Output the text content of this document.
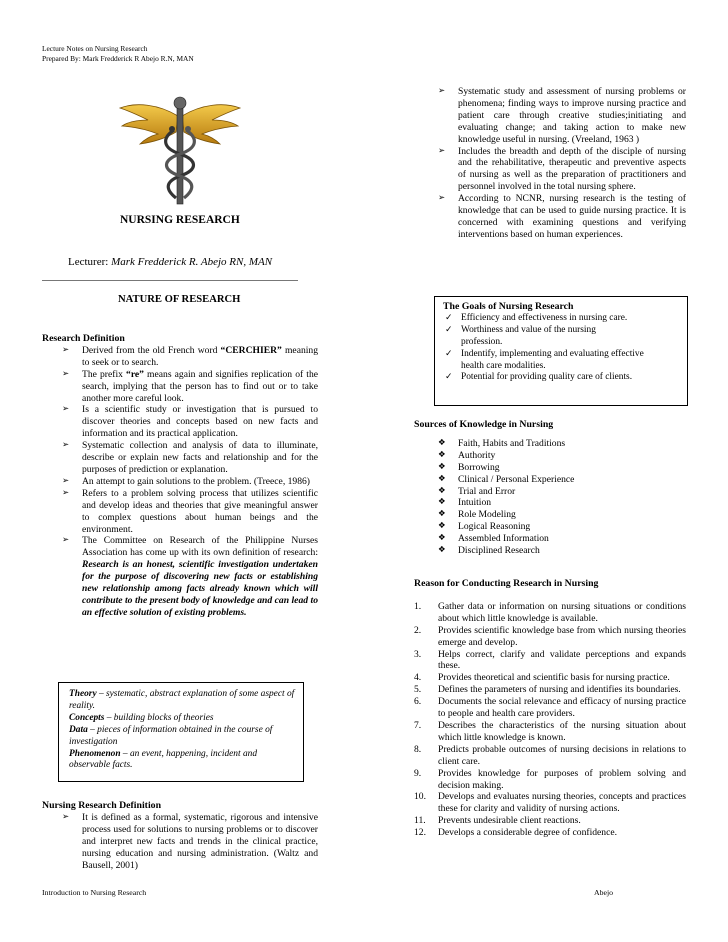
Lecture Notes on Nursing Research
Prepared By: Mark Fredderick R Abejo R.N, MAN
NURSING RESEARCH
Lecturer: Mark Fredderick R. Abejo RN, MAN
NATURE OF RESEARCH
Research Definition
➢ Derived from the old French word “CERCHIER” meaning to seek or to search.
➢ The prefix “re” means again and signifies replication of the search, implying that the person has to find out or to take another more careful look.
➢ Is a scientific study or investigation that is pursued to discover theories and concepts based on new facts and information and its practical application.
➢ Systematic collection and analysis of data to illuminate, describe or explain new facts and relationship and for the purposes of prediction or explanation.
➢ An attempt to gain solutions to the problem. (Treece, 1986)
➢ Refers to a problem solving process that utilizes scientific and develop ideas and theories that give meaningful answer to complex questions about human beings and the environment.
➢ The Committee on Research of the Philippine Nurses Association has come up with its own definition of research: Research is an honest, scientific investigation undertaken for the purpose of discovering new facts or establishing new relationship among facts already known which will contribute to the present body of knowledge and can lead to an effective solution of existing problems.
Theory – systematic, abstract explanation of some aspect of reality.
Concepts – building blocks of theories
Data – pieces of information obtained in the course of investigation
Phenomenon – an event, happening, incident and observable facts.
Nursing Research Definition
➢ It is defined as a formal, systematic, rigorous and intensive process used for solutions to nursing problems or to discover and interpret new facts and trends in the clinical practice, nursing education and nursing administration. (Waltz and Bausell, 2001)
➢ Systematic study and assessment of nursing problems or phenomena; finding ways to improve nursing practice and patient care through creative studies;initiating and evaluating change; and taking action to make new knowledge useful in nursing. (Vreeland, 1963 )
➢ Includes the breadth and depth of the disciple of nursing and the rehabilitative, therapeutic and preventive aspects of nursing as well as the preparation of practitioners and personnel involved in the total nursing sphere.
➢ According to NCNR, nursing research is the testing of knowledge that can be used to guide nursing practice. It is concerned with examining questions and verifying interventions based on human experiences.
The Goals of Nursing Research
✓ Efficiency and effectiveness in nursing care.
✓ Worthiness and value of the nursing profession.
✓ Indentify, implementing and evaluating effective health care modalities.
✓ Potential for providing quality care of clients.
Sources of Knowledge in Nursing
❖ Faith, Habits and Traditions
❖ Authority
❖ Borrowing
❖ Clinical / Personal Experience
❖ Trial and Error
❖ Intuition
❖ Role Modeling
❖ Logical Reasoning
❖ Assembled Information
❖ Disciplined Research
Reason for Conducting Research in Nursing
1. Gather data or information on nursing situations or conditions about which little knowledge is available.
2. Provides scientific knowledge base from which nursing theories emerge and develop.
3. Helps correct, clarify and validate perceptions and expands these.
4. Provides theoretical and scientific basis for nursing practice.
5. Defines the parameters of nursing and identifies its boundaries.
6. Documents the social relevance and efficacy of nursing practice to people and health care providers.
7. Describes the characteristics of the nursing situation about which little knowledge is known.
8. Predicts probable outcomes of nursing decisions in relations to client care.
9. Provides knowledge for purposes of problem solving and decision making.
10. Develops and evaluates nursing theories, concepts and practices these for clarity and validity of nursing actions.
11. Prevents undesirable client reactions.
12. Develops a considerable degree of confidence.
Introduction to Nursing Research	Abejo
